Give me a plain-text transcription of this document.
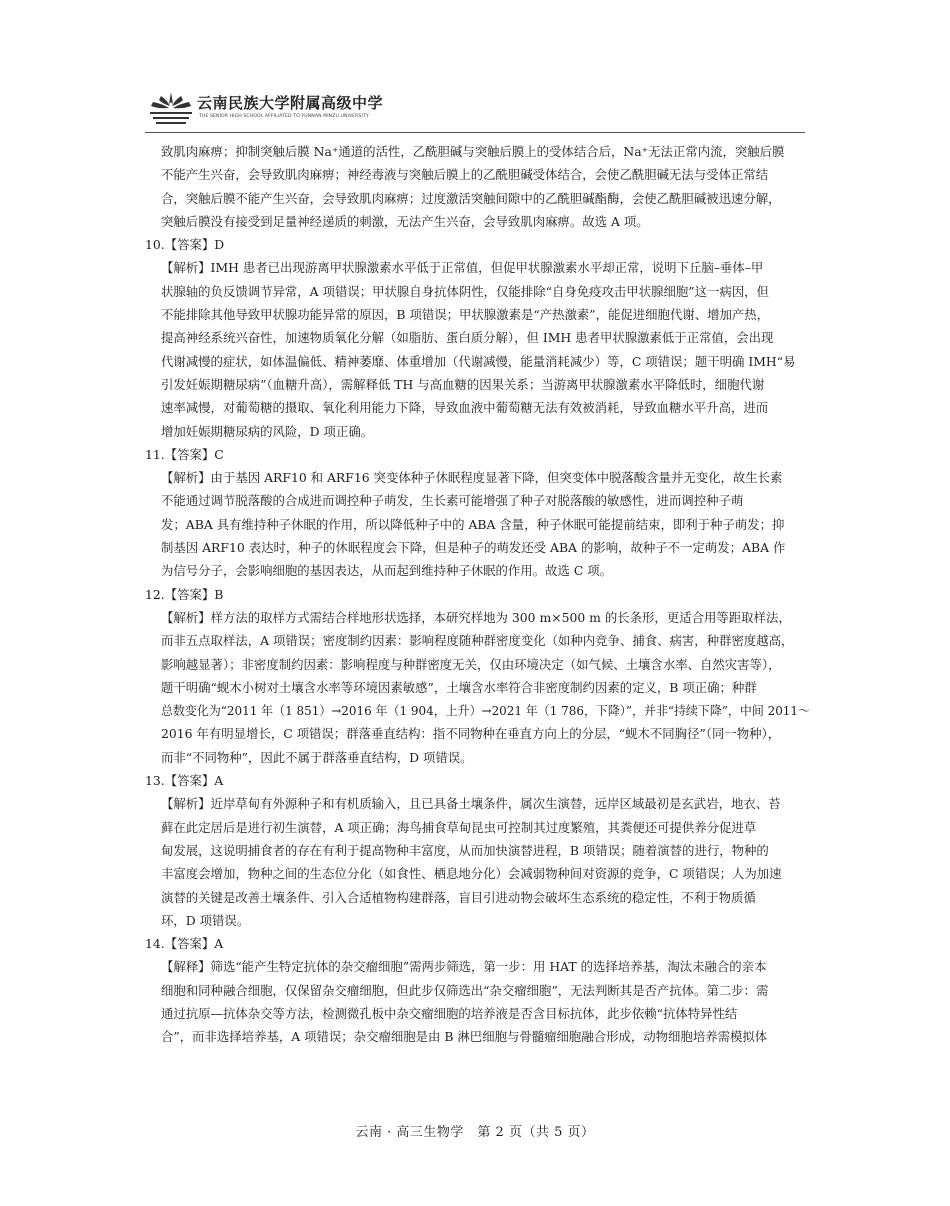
云南民族大学附属高级中学
THE SENIOR HIGH SCHOOL AFFILIATED TO YUNNAN MINZU UNIVERSITY
致肌肉麻痹；抑制突触后膜 Na⁺通道的活性，乙酰胆碱与突触后膜上的受体结合后，Na⁺无法正常内流，突触后膜
不能产生兴奋，会导致肌肉麻痹；神经毒液与突触后膜上的乙酰胆碱受体结合，会使乙酰胆碱无法与受体正常结
合，突触后膜不能产生兴奋，会导致肌肉麻痹；过度激活突触间隙中的乙酰胆碱酯酶，会使乙酰胆碱被迅速分解，
突触后膜没有接受到足量神经递质的刺激，无法产生兴奋，会导致肌肉麻痹。故选 A 项。
10.【答案】D
【解析】IMH 患者已出现游离甲状腺激素水平低于正常值，但促甲状腺激素水平却正常，说明下丘脑–垂体–甲
状腺轴的负反馈调节异常，A 项错误；甲状腺自身抗体阴性，仅能排除“自身免疫攻击甲状腺细胞”这一病因，但
不能排除其他导致甲状腺功能异常的原因，B 项错误；甲状腺激素是“产热激素”，能促进细胞代谢、增加产热，
提高神经系统兴奋性，加速物质氧化分解（如脂肪、蛋白质分解），但 IMH 患者甲状腺激素低于正常值，会出现
代谢减慢的症状，如体温偏低、精神萎靡、体重增加（代谢减慢，能量消耗减少）等，C 项错误；题干明确 IMH“易
引发妊娠期糖尿病”（血糖升高），需解释低 TH 与高血糖的因果关系；当游离甲状腺激素水平降低时，细胞代谢
速率减慢，对葡萄糖的摄取、氧化利用能力下降，导致血液中葡萄糖无法有效被消耗，导致血糖水平升高，进而
增加妊娠期糖尿病的风险，D 项正确。
11.【答案】C
【解析】由于基因 ARF10 和 ARF16 突变体种子休眠程度显著下降，但突变体中脱落酸含量并无变化，故生长素
不能通过调节脱落酸的合成进而调控种子萌发，生长素可能增强了种子对脱落酸的敏感性，进而调控种子萌
发；ABA 具有维持种子休眠的作用，所以降低种子中的 ABA 含量，种子休眠可能提前结束，即利于种子萌发；抑
制基因 ARF10 表达时，种子的休眠程度会下降，但是种子的萌发还受 ABA 的影响，故种子不一定萌发；ABA 作
为信号分子，会影响细胞的基因表达，从而起到维持种子休眠的作用。故选 C 项。
12.【答案】B
【解析】样方法的取样方式需结合样地形状选择，本研究样地为 300 m×500 m 的长条形，更适合用等距取样法，
而非五点取样法，A 项错误；密度制约因素：影响程度随种群密度变化（如种内竞争、捕食、病害，种群密度越高，
影响越显著）；非密度制约因素：影响程度与种群密度无关，仅由环境决定（如气候、土壤含水率、自然灾害等），
题干明确“蚬木小树对土壤含水率等环境因素敏感”，土壤含水率符合非密度制约因素的定义，B 项正确；种群
总数变化为“2011 年（1 851）→2016 年（1 904，上升）→2021 年（1 786，下降）”，并非“持续下降”，中间 2011～
2016 年有明显增长，C 项错误；群落垂直结构：指不同物种在垂直方向上的分层，“蚬木不同胸径”（同一物种），
而非“不同物种”，因此不属于群落垂直结构，D 项错误。
13.【答案】A
【解析】近岸草甸有外源种子和有机质输入，且已具备土壤条件，属次生演替，远岸区域最初是玄武岩，地衣、苔
藓在此定居后是进行初生演替，A 项正确；海鸟捕食草甸昆虫可控制其过度繁殖，其粪便还可提供养分促进草
甸发展，这说明捕食者的存在有利于提高物种丰富度，从而加快演替进程，B 项错误；随着演替的进行，物种的
丰富度会增加，物种之间的生态位分化（如食性、栖息地分化）会减弱物种间对资源的竞争，C 项错误；人为加速
演替的关键是改善土壤条件、引入合适植物构建群落，盲目引进动物会破坏生态系统的稳定性，不利于物质循
环，D 项错误。
14.【答案】A
【解释】筛选“能产生特定抗体的杂交瘤细胞”需两步筛选，第一步：用 HAT 的选择培养基，淘汰未融合的亲本
细胞和同种融合细胞，仅保留杂交瘤细胞，但此步仅筛选出“杂交瘤细胞”，无法判断其是否产抗体。第二步：需
通过抗原—抗体杂交等方法，检测微孔板中杂交瘤细胞的培养液是否含目标抗体，此步依赖“抗体特异性结
合”，而非选择培养基，A 项错误；杂交瘤细胞是由 B 淋巴细胞与骨髓瘤细胞融合形成，动物细胞培养需模拟体
云南 · 高三生物学　第 2 页（共 5 页）
